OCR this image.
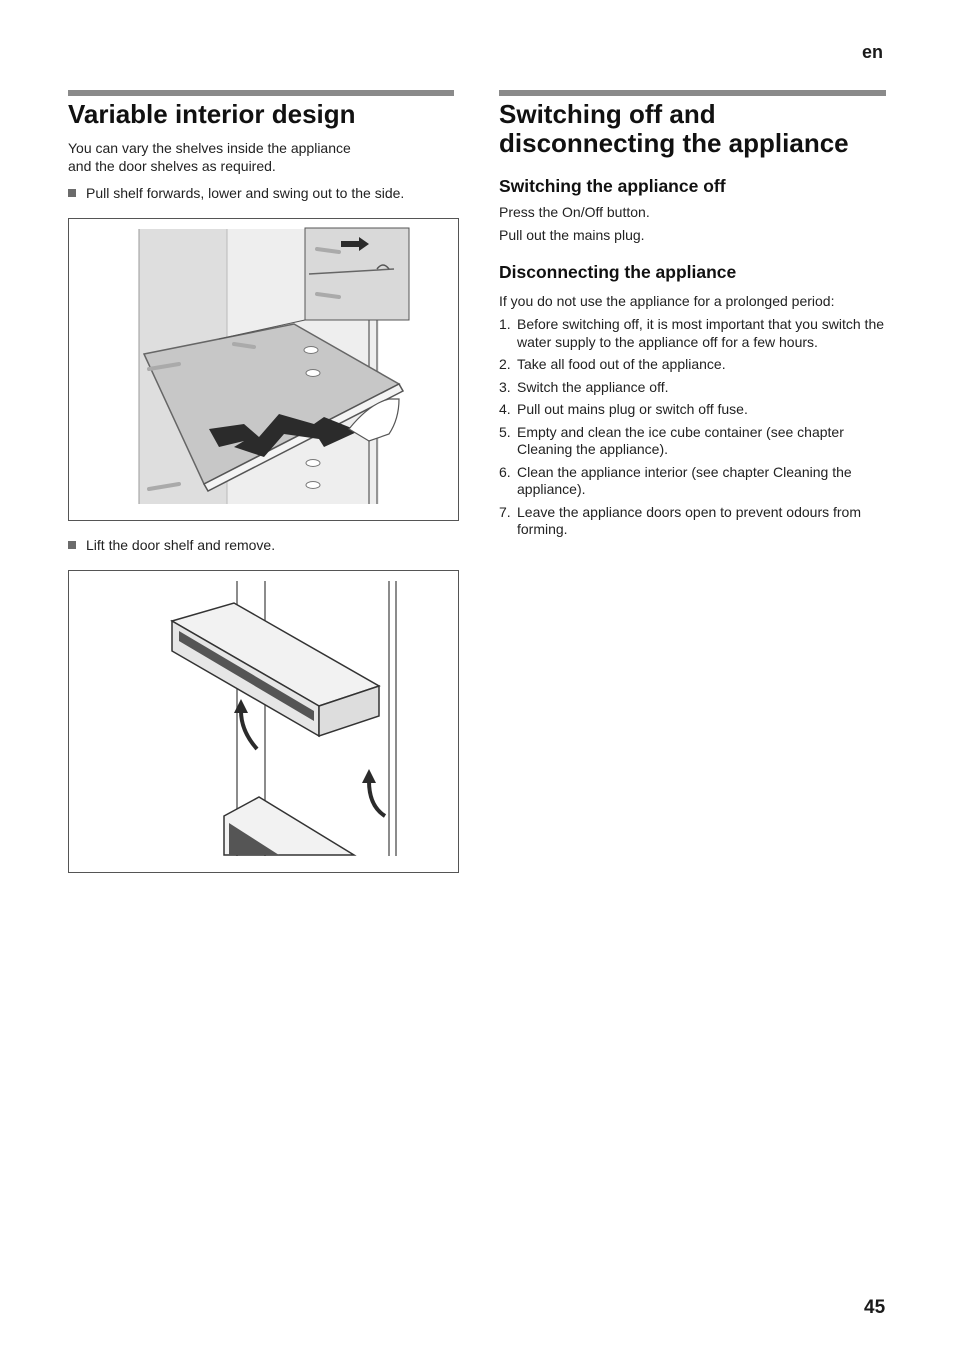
en
Variable interior design
You can vary the shelves inside the appliance
and the door shelves as required.
Pull shelf forwards, lower and swing out to the side.
Lift the door shelf and remove.
Switching off and
disconnecting the appliance
Switching the appliance off
Press the On/Off button.
Pull out the mains plug.
Disconnecting the appliance
If you do not use the appliance for a prolonged period:
1. Before switching off, it is most important that you switch the water supply to the appliance off for a few hours.
2. Take all food out of the appliance.
3. Switch the appliance off.
4. Pull out mains plug or switch off fuse.
5. Empty and clean the ice cube container (see chapter Cleaning the appliance).
6. Clean the appliance interior (see chapter Cleaning the appliance).
7. Leave the appliance doors open to prevent odours from forming.
45
